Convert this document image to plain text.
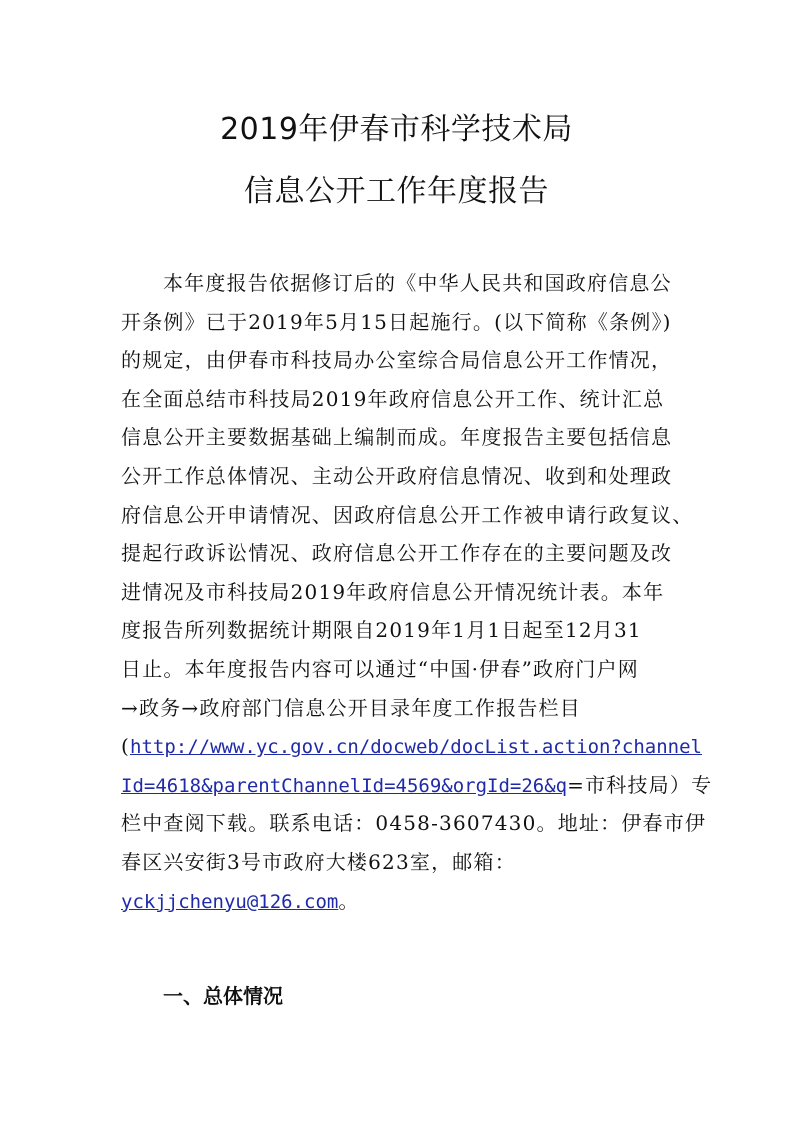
2019年伊春市科学技术局
信息公开工作年度报告
本年度报告依据修订后的《中华人民共和国政府信息公
开条例》已于2019年5月15日起施行。(以下简称《条例》)
的规定，由伊春市科技局办公室综合局信息公开工作情况，
在全面总结市科技局2019年政府信息公开工作、统计汇总
信息公开主要数据基础上编制而成。年度报告主要包括信息
公开工作总体情况、主动公开政府信息情况、收到和处理政
府信息公开申请情况、因政府信息公开工作被申请行政复议、
提起行政诉讼情况、政府信息公开工作存在的主要问题及改
进情况及市科技局2019年政府信息公开情况统计表。本年
度报告所列数据统计期限自2019年1月1日起至12月31
日止。本年度报告内容可以通过“中国·伊春”政府门户网
→政务→政府部门信息公开目录年度工作报告栏目
(http://www.yc.gov.cn/docweb/docList.action?channel
Id=4618&parentChannelId=4569&orgId=26&q=市科技局）专
栏中查阅下载。联系电话：0458-3607430。地址：伊春市伊
春区兴安街3号市政府大楼623室，邮箱：
yckjjchenyu@126.com。
一、总体情况
